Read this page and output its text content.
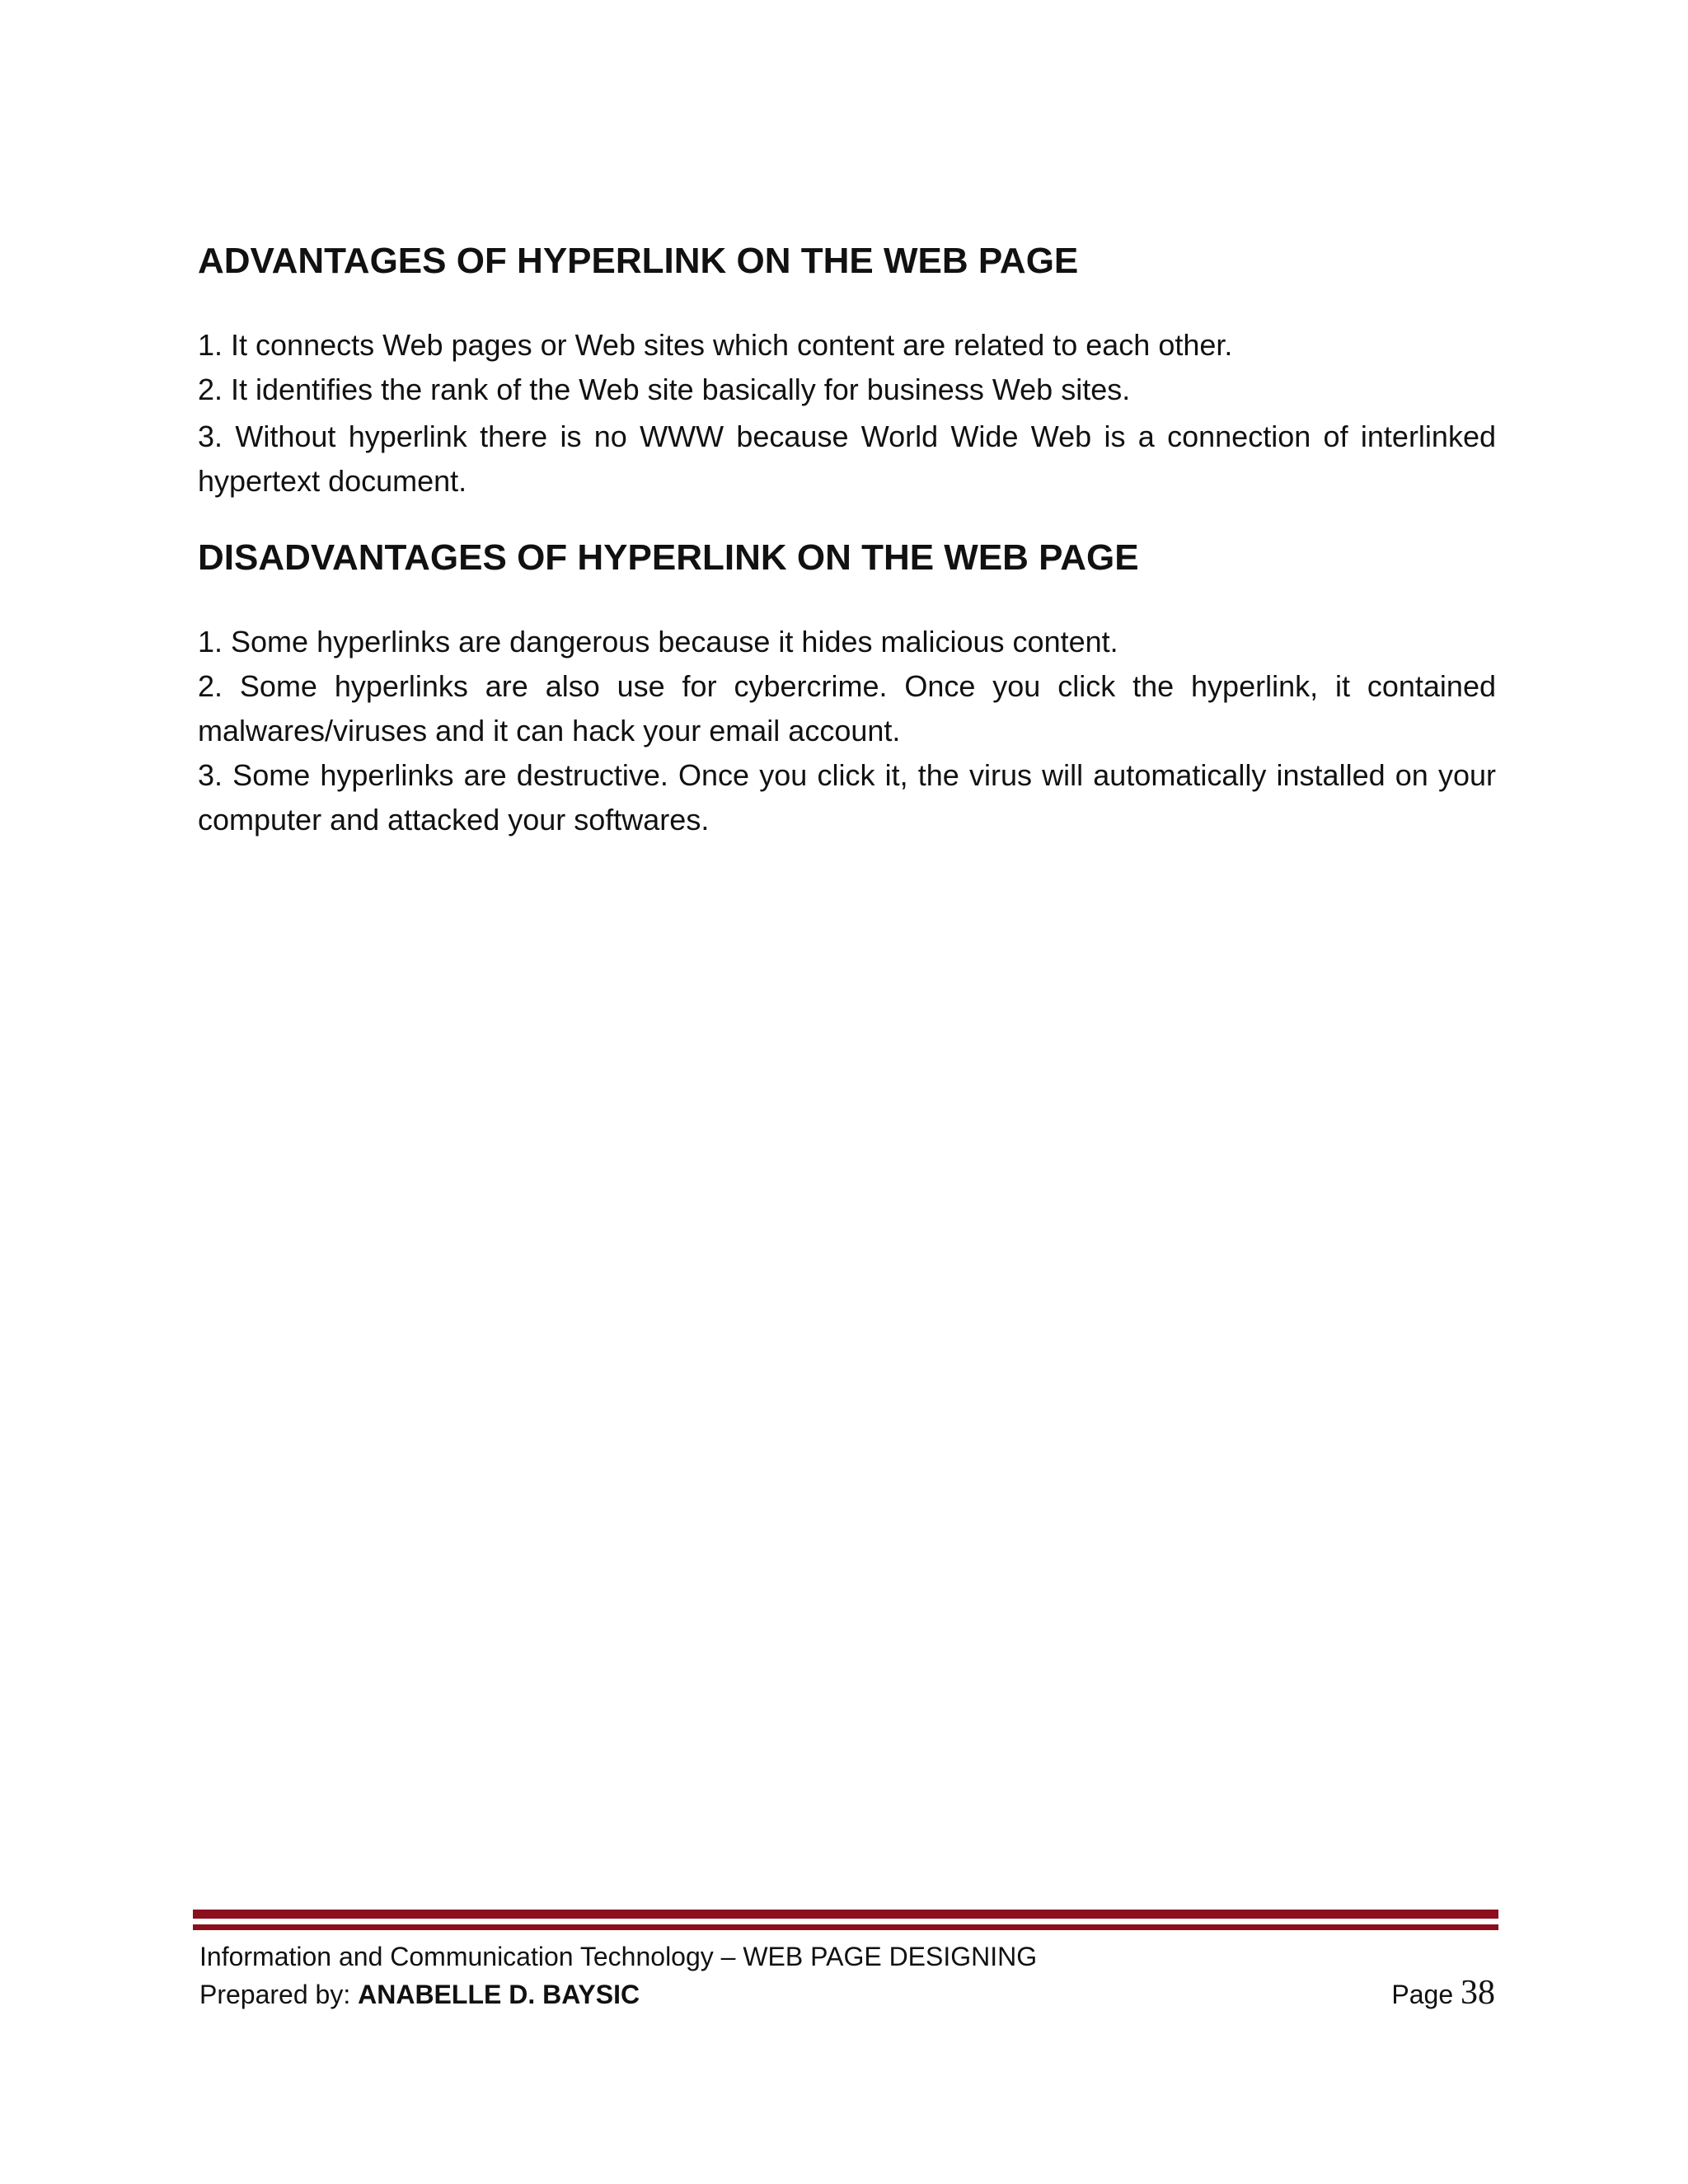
ADVANTAGES OF HYPERLINK ON THE WEB PAGE
1. It connects Web pages or Web sites which content are related to each other.
2. It identifies the rank of the Web site basically for business Web sites.
3. Without hyperlink there is no WWW because World Wide Web is a connection of interlinked hypertext document.
DISADVANTAGES OF HYPERLINK ON THE WEB PAGE
1. Some hyperlinks are dangerous because it hides malicious content.
2. Some hyperlinks are also use for cybercrime. Once you click the hyperlink, it contained malwares/viruses and it can hack your email account.
3. Some hyperlinks are destructive. Once you click it, the virus will automatically installed on your computer and attacked your softwares.
Information and Communication Technology – WEB PAGE DESIGNING
Prepared by: ANABELLE D. BAYSIC	Page 38
